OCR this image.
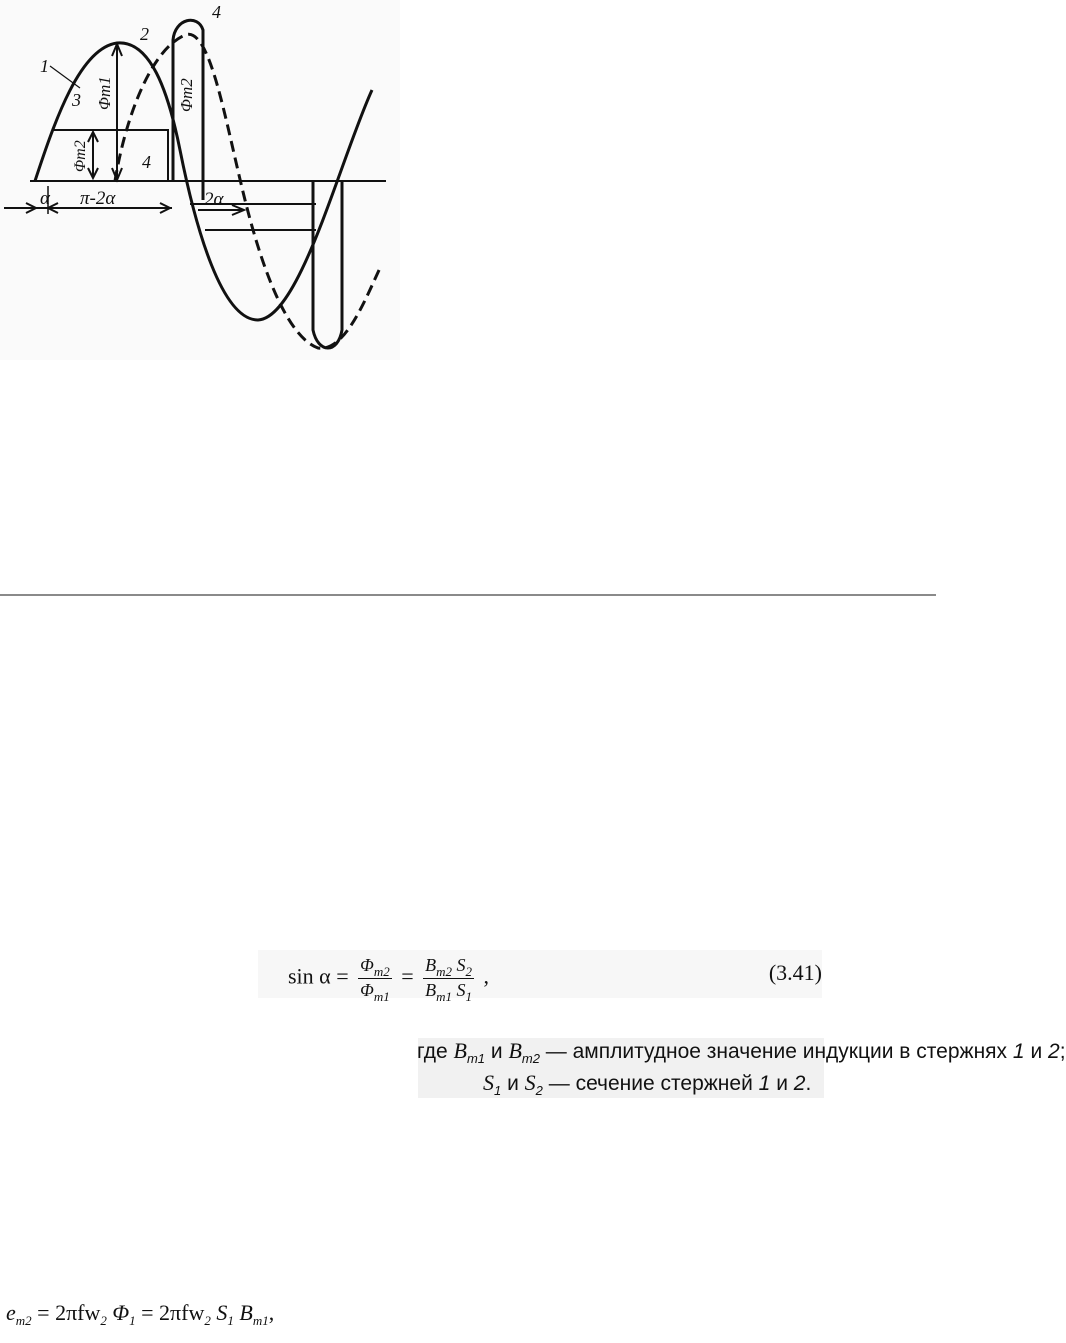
1
2
3
4
4
Φm1
Φm2
Φm2
α π-2α	2α
$\sin \alpha = \frac{\Phi_{m2}}{\Phi_{m1}} = \frac{B_{m2} S_2}{B_{m1} S_1}$ ,	(3.41)
где $B_{m1}$ и $B_{m2}$ — амплитудное значение индукции в стержнях 1 и 2;
$S_1$ и $S_2$ — сечение стержней 1 и 2.
$e_{m2} = 2\pi fw_2$ $\Phi_1 = 2\pi fw_2$ $S_1$ $B_{m1}$,
